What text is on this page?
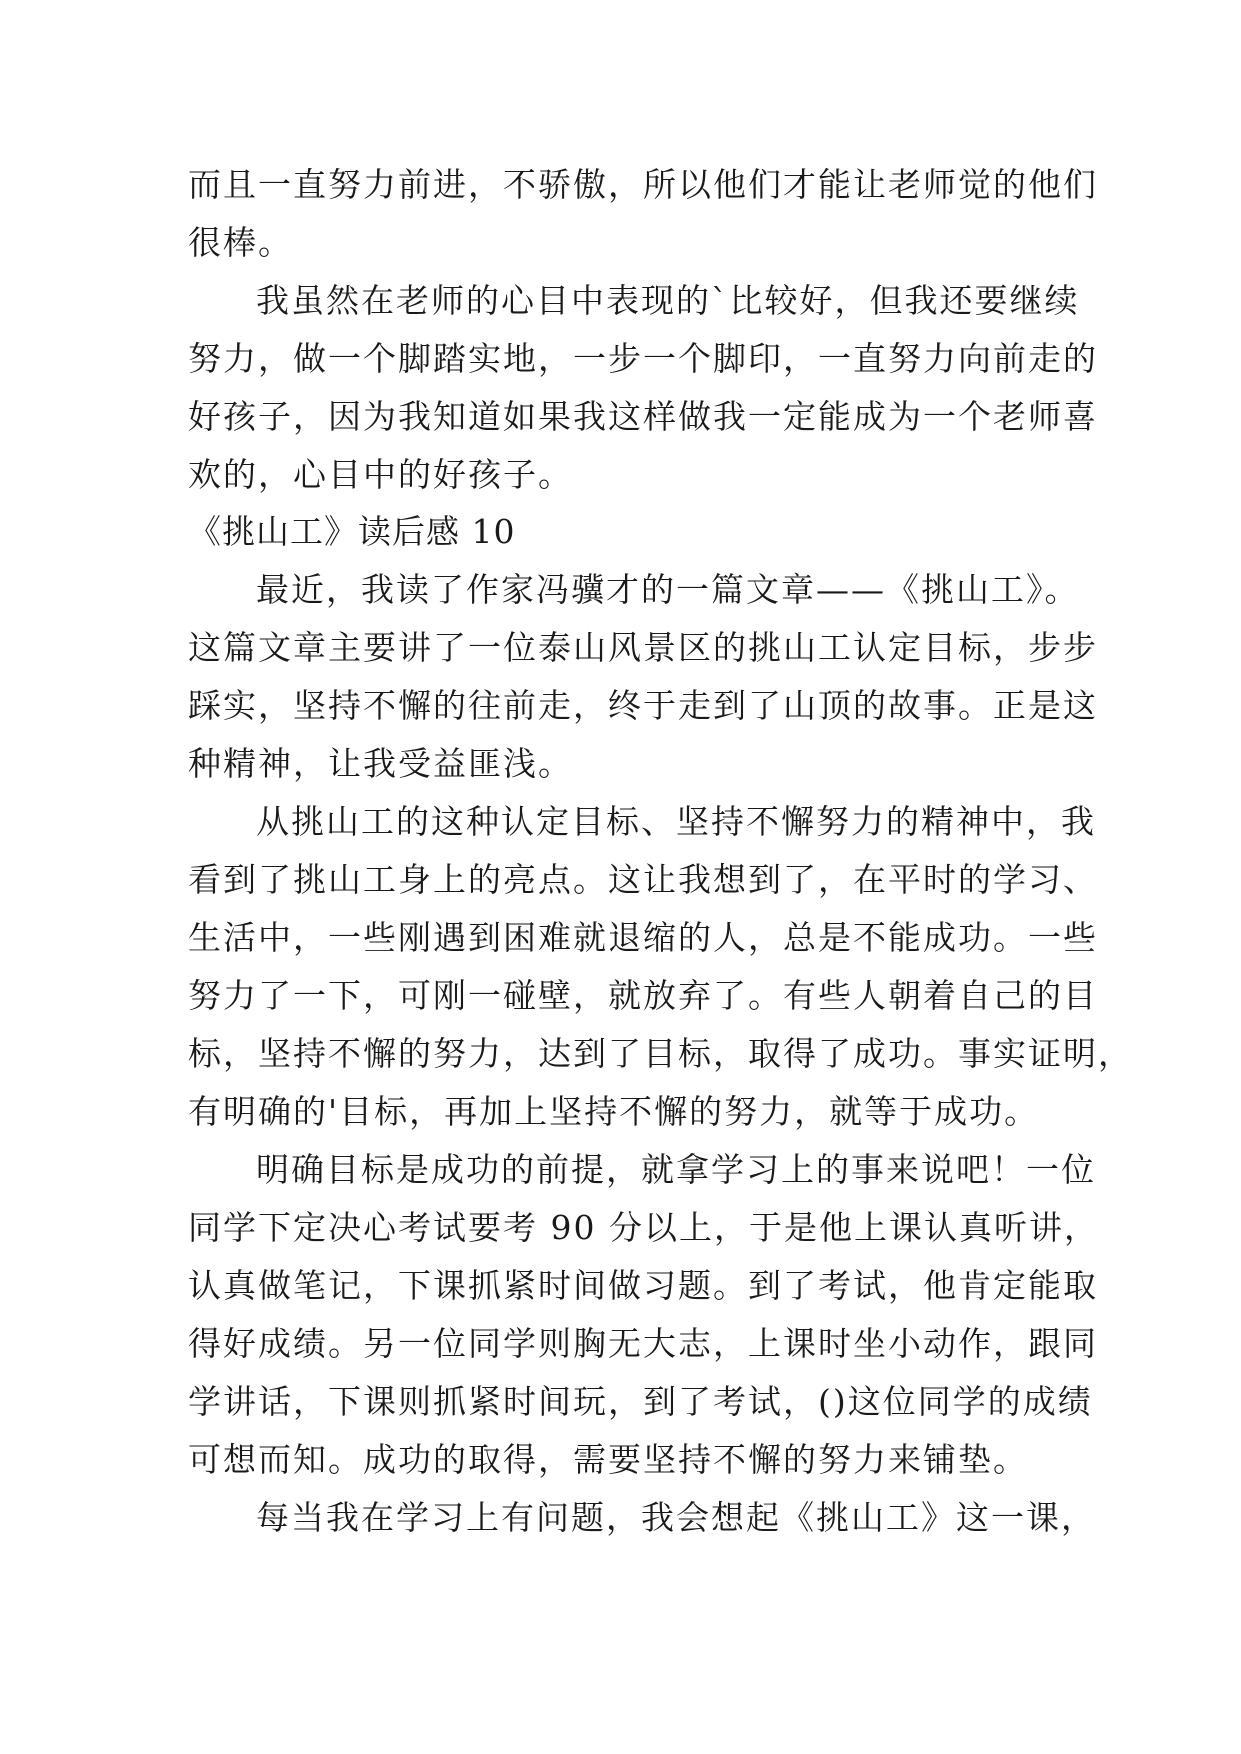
而且一直努力前进，不骄傲，所以他们才能让老师觉的他们
很棒。
我虽然在老师的心目中表现的`比较好，但我还要继续
努力，做一个脚踏实地，一步一个脚印，一直努力向前走的
好孩子，因为我知道如果我这样做我一定能成为一个老师喜
欢的，心目中的好孩子。
《挑山工》读后感 10
最近，我读了作家冯骥才的一篇文章——《挑山工》。
这篇文章主要讲了一位泰山风景区的挑山工认定目标，步步
踩实，坚持不懈的往前走，终于走到了山顶的故事。正是这
种精神，让我受益匪浅。
从挑山工的这种认定目标、坚持不懈努力的精神中，我
看到了挑山工身上的亮点。这让我想到了，在平时的学习、
生活中，一些刚遇到困难就退缩的人，总是不能成功。一些
努力了一下，可刚一碰壁，就放弃了。有些人朝着自己的目
标，坚持不懈的努力，达到了目标，取得了成功。事实证明，
有明确的'目标，再加上坚持不懈的努力，就等于成功。
明确目标是成功的前提，就拿学习上的事来说吧！一位
同学下定决心考试要考 90 分以上，于是他上课认真听讲，
认真做笔记，下课抓紧时间做习题。到了考试，他肯定能取
得好成绩。另一位同学则胸无大志，上课时坐小动作，跟同
学讲话，下课则抓紧时间玩，到了考试，()这位同学的成绩
可想而知。成功的取得，需要坚持不懈的努力来铺垫。
每当我在学习上有问题，我会想起《挑山工》这一课，
